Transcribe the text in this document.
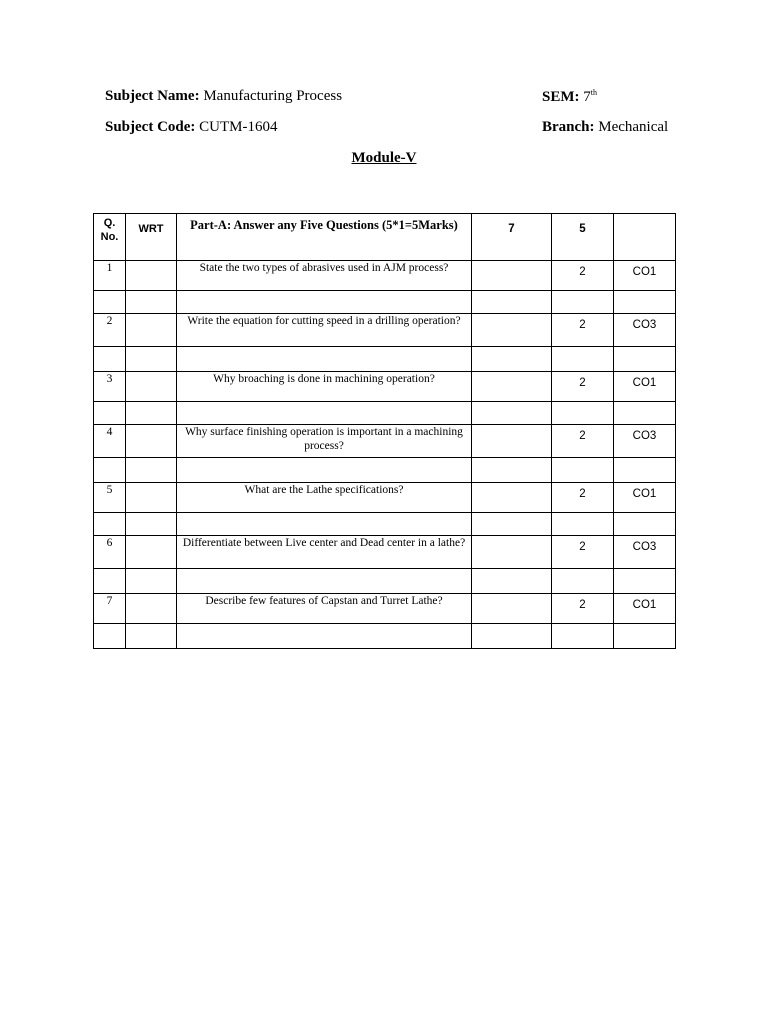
Subject Name: Manufacturing Process	SEM: 7th
Subject Code: CUTM-1604	Branch: Mechanical
Module-V
Q. No.	WRT	Part-A: Answer any Five Questions (5*1=5Marks)	7	5	
1		State the two types of abrasives used in AJM process?		2	CO1

2		Write the equation for cutting speed in a drilling operation?		2	CO3

3		Why broaching is done in machining operation?		2	CO1

4		Why surface finishing operation is important in a machining process?		2	CO3

5		What are the Lathe specifications?		2	CO1

6		Differentiate between Live center and Dead center in a lathe?		2	CO3

7		Describe few features of Capstan and Turret Lathe?		2	CO1
